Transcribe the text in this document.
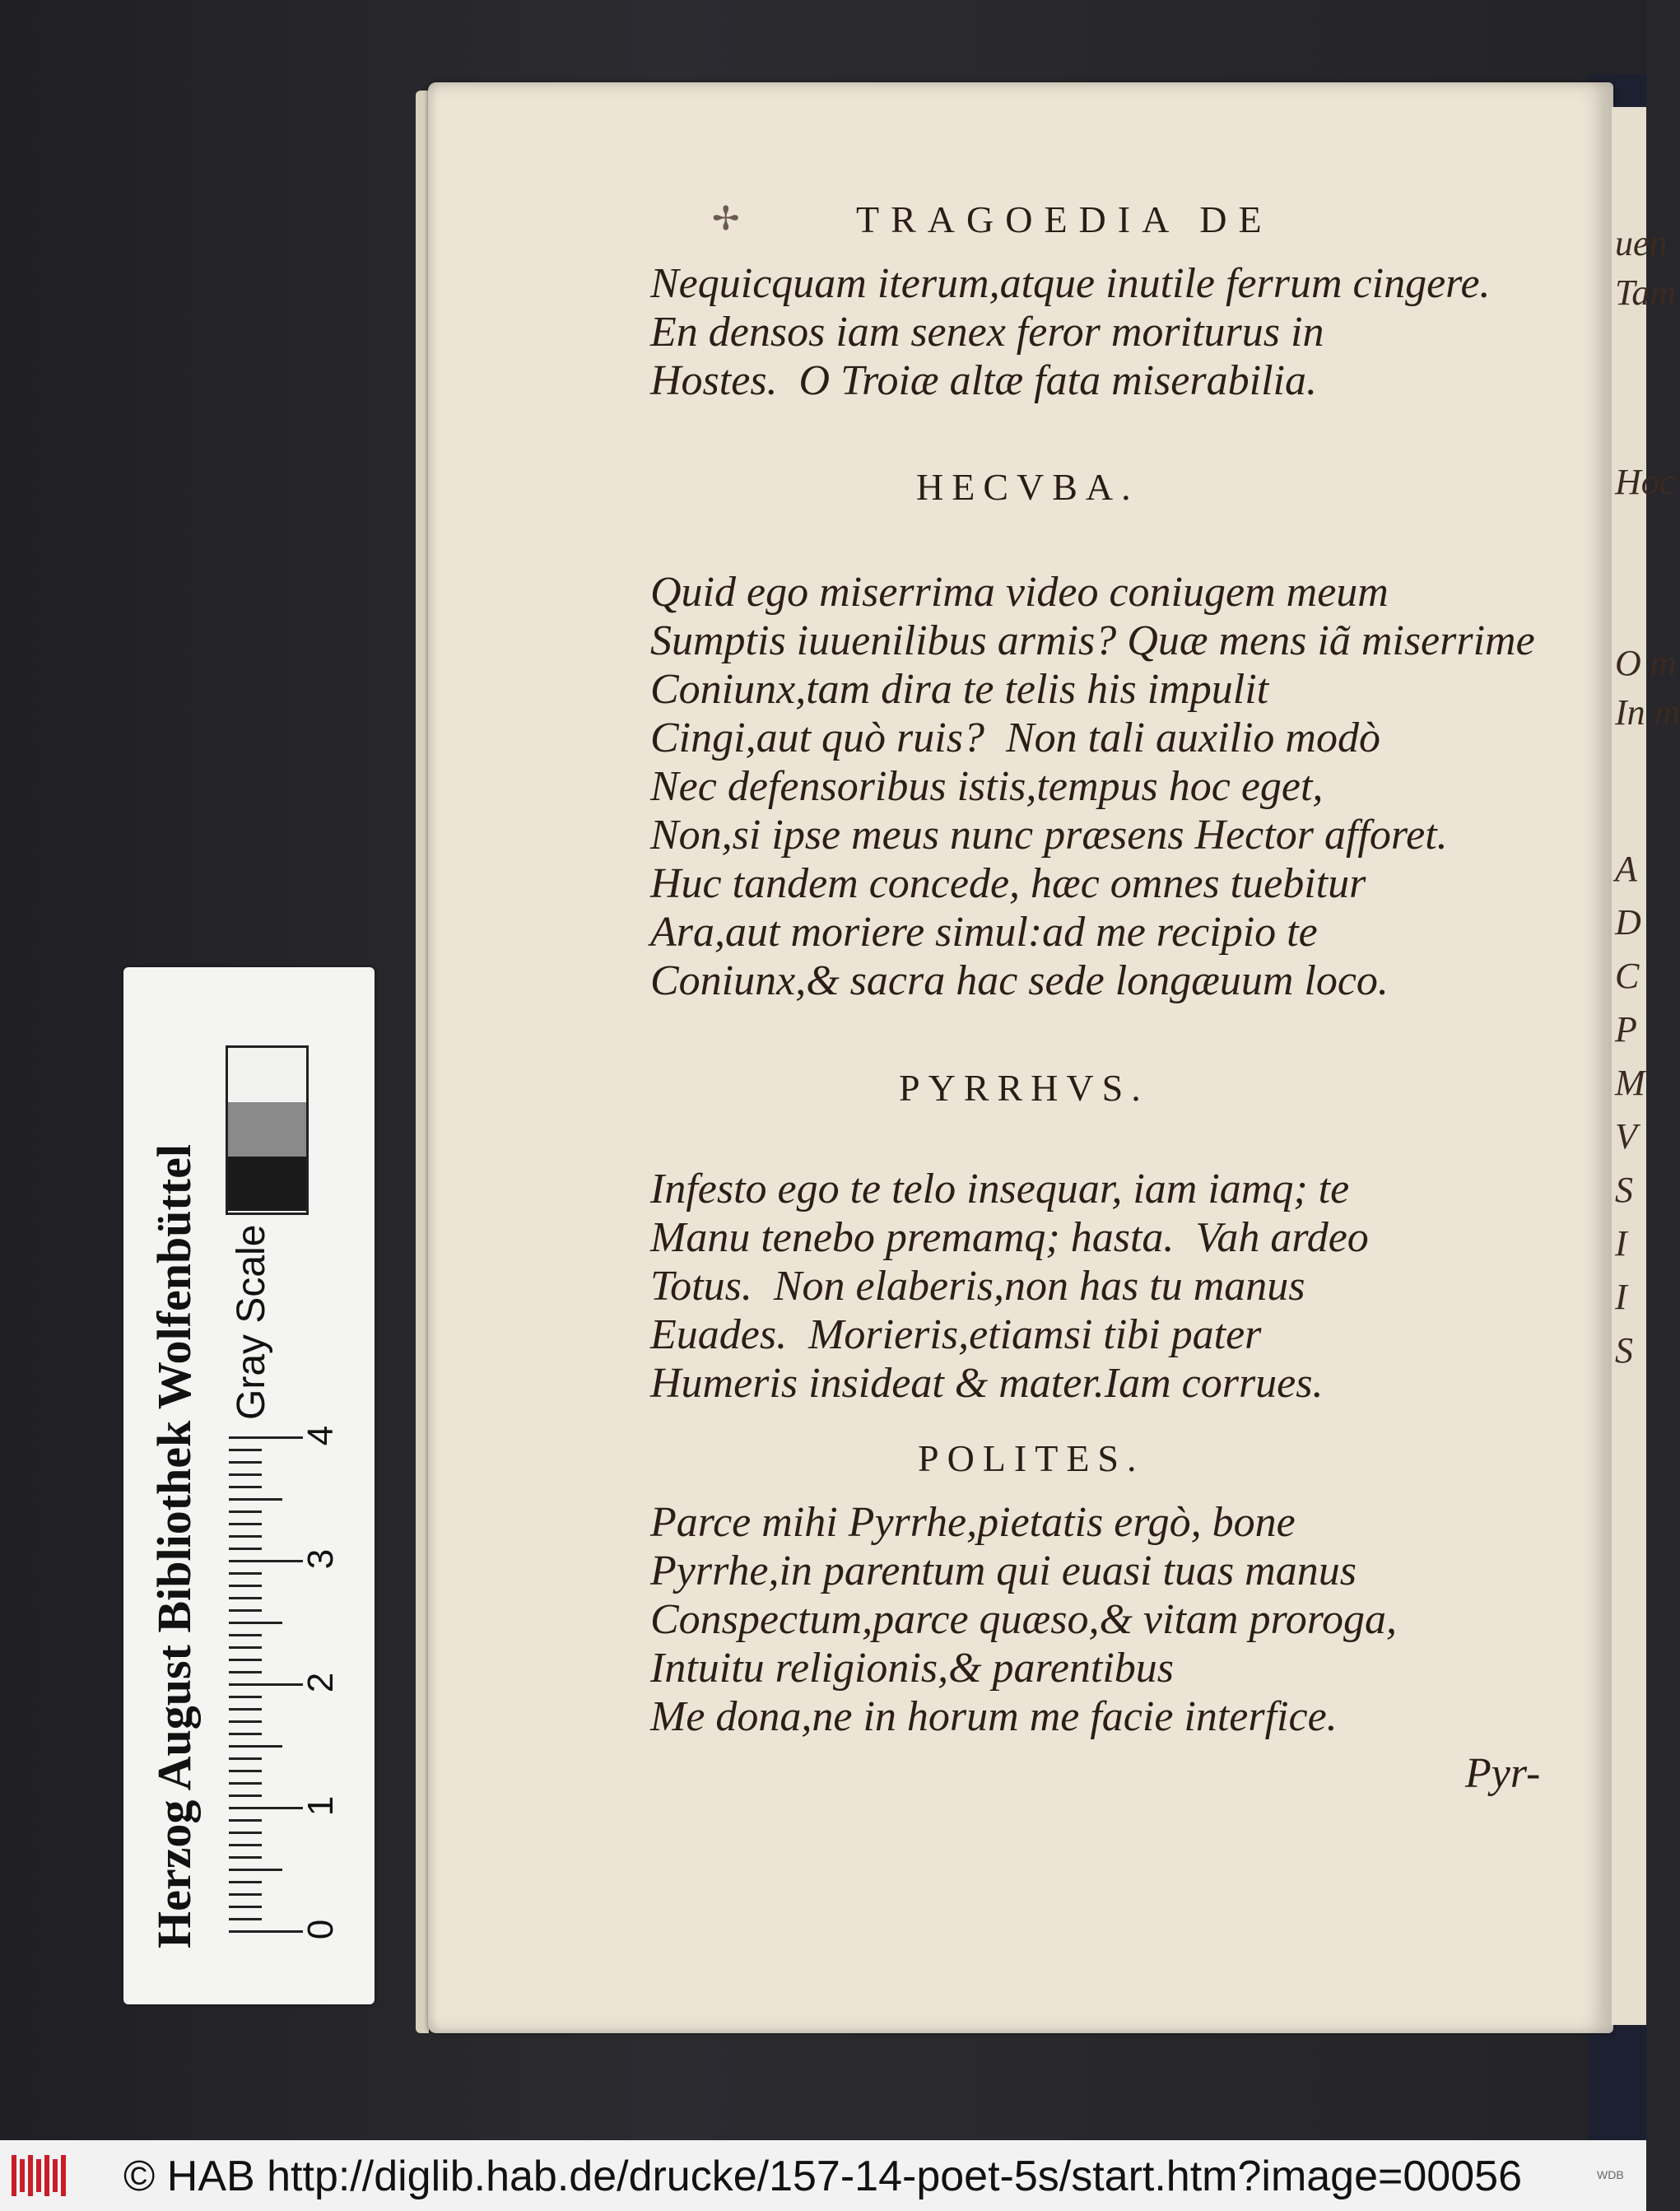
uen
Tam
Hoc
O m
In m
A
D
C
P
M
V
S
I
I
S
✢	TRAGOEDIA DE
Nequicquam iterum,atque inutile ferrum cingere.
En densos iam senex feror moriturus in
Hostes.  O Troiæ altæ fata miserabilia.
HECVBA.
Quid ego miserrima video coniugem meum
Sumptis iuuenilibus armis? Quæ mens iã miserrime
Coniunx,tam dira te telis his impulit
Cingi,aut quò ruis?  Non tali auxilio modò
Nec defensoribus istis,tempus hoc eget,
Non,si ipse meus nunc præsens Hector afforet.
Huc tandem concede, hæc omnes tuebitur
Ara,aut moriere simul:ad me recipio te
Coniunx,& sacra hac sede longæuum loco.
PYRRHVS.
Infesto ego te telo insequar, iam iamq; te
Manu tenebo premamq; hasta.  Vah ardeo
Totus.  Non elaberis,non has tu manus
Euades.  Morieris,etiamsi tibi pater
Humeris insideat & mater.Iam corrues.
POLITES.
Parce mihi Pyrrhe,pietatis ergò, bone
Pyrrhe,in parentum qui euasi tuas manus
Conspectum,parce quæso,& vitam proroga,
Intuitu religionis,& parentibus
Me dona,ne in horum me facie interfice.
Pyr-
Herzog August Bibliothek Wolfenbüttel Gray Scale
4
3
2
1
0
© HAB http://diglib.hab.de/drucke/157-14-poet-5s/start.htm?image=00056	WDB
